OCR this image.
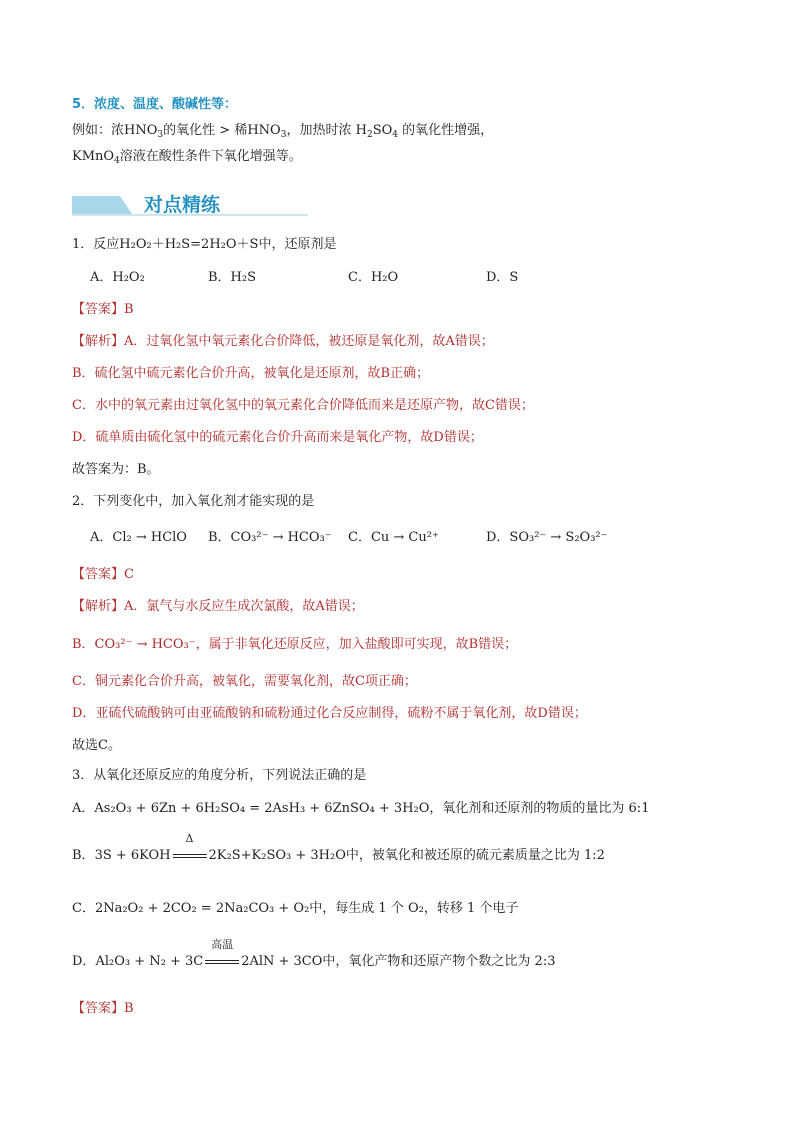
5．浓度、温度、酸碱性等：
例如：浓$HNO_3$的氧化性 > 稀$HNO_3$，加热时浓 $H_2SO_4$ 的氧化性增强，
KMnO$_4$溶液在酸性条件下氧化增强等。
对点精练
1．反应H₂O₂＋H₂S=2H₂O＋S中，还原剂是
A．H₂O₂	B．H₂S	C．H₂O	D．S
【答案】B
【解析】A．过氧化氢中氧元素化合价降低，被还原是氧化剂，故A错误；
B．硫化氢中硫元素化合价升高，被氧化是还原剂，故B正确；
C．水中的氧元素由过氧化氢中的氧元素化合价降低而来是还原产物，故C错误；
D．硫单质由硫化氢中的硫元素化合价升高而来是氧化产物，故D错误；
故答案为：B。
2．下列变化中，加入氧化剂才能实现的是
A．Cl₂ → HClO B．CO₃²⁻ → HCO₃⁻ C．Cu → Cu²⁺	D．SO₃²⁻ → S₂O₃²⁻
【答案】C
【解析】A．氯气与水反应生成次氯酸，故A错误；
B．CO₃²⁻ → HCO₃⁻，属于非氧化还原反应，加入盐酸即可实现，故B错误；
C．铜元素化合价升高，被氧化，需要氧化剂，故C项正确；
D．亚硫代硫酸钠可由亚硫酸钠和硫粉通过化合反应制得，硫粉不属于氧化剂，故D错误；
故选C。
3．从氧化还原反应的角度分析，下列说法正确的是
A．As₂O₃ + 6Zn + 6H₂SO₄ = 2AsH₃ + 6ZnSO₄ + 3H₂O，氧化剂和还原剂的物质的量比为 6:1
B．3S + 6KOH
Δ
2K₂S+K₂SO₃ + 3H₂O中，被氧化和被还原的硫元素质量之比为 1:2
C．2Na₂O₂ + 2CO₂ = 2Na₂CO₃ + O₂中，每生成 1 个 O₂，转移 1 个电子
D．Al₂O₃ + N₂ + 3C
高温
2AlN + 3CO中，氧化产物和还原产物个数之比为 2:3
【答案】B
